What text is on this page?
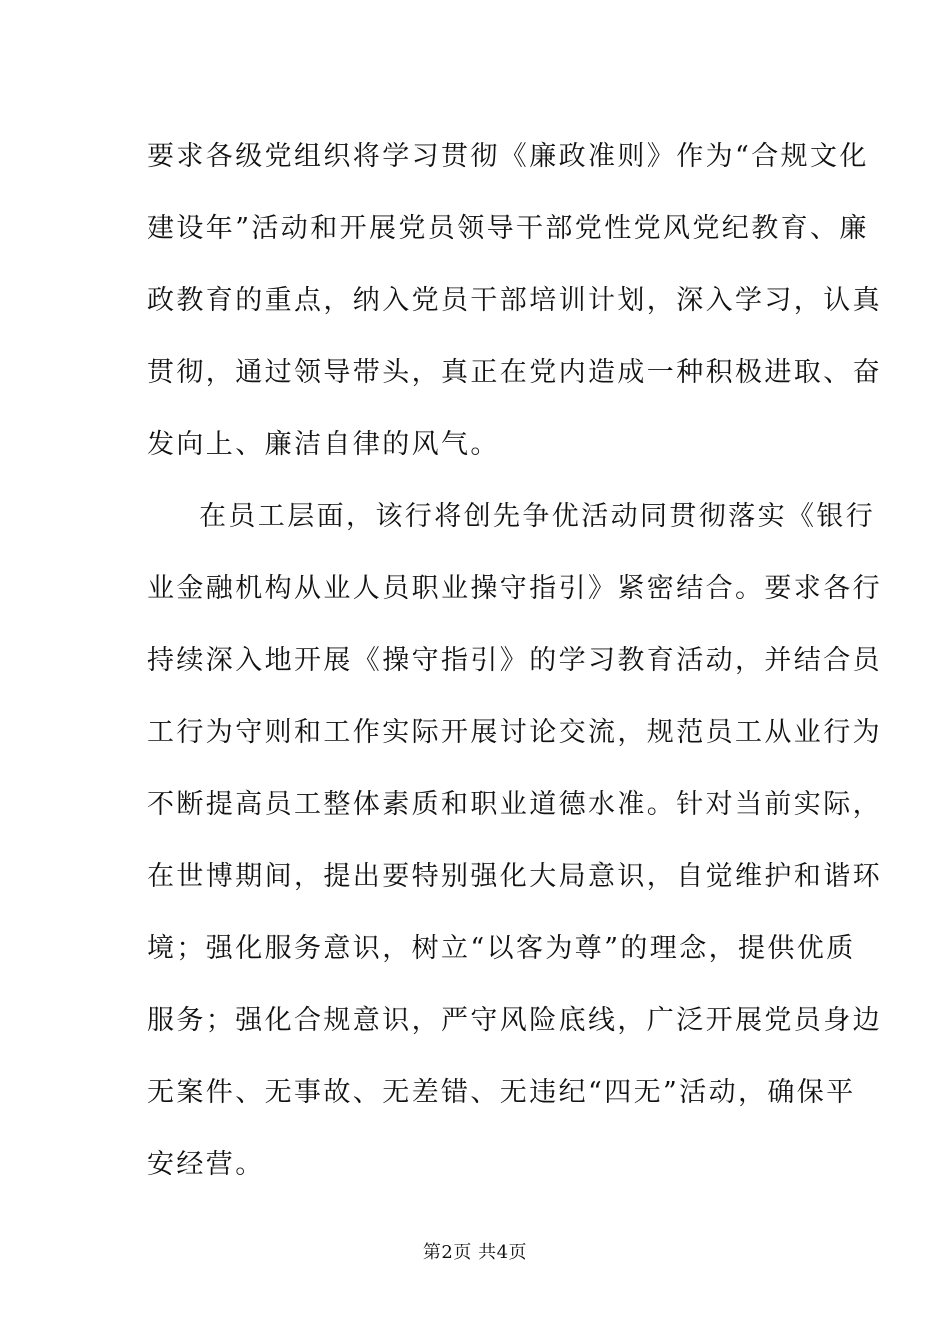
要求各级党组织将学习贯彻《廉政准则》作为“合规文化
建设年”活动和开展党员领导干部党性党风党纪教育、廉
政教育的重点，纳入党员干部培训计划，深入学习，认真
贯彻，通过领导带头，真正在党内造成一种积极进取、奋
发向上、廉洁自律的风气。
在员工层面，该行将创先争优活动同贯彻落实《银行
业金融机构从业人员职业操守指引》紧密结合。要求各行
持续深入地开展《操守指引》的学习教育活动，并结合员
工行为守则和工作实际开展讨论交流，规范员工从业行为
不断提高员工整体素质和职业道德水准。针对当前实际，
在世博期间，提出要特别强化大局意识，自觉维护和谐环
境；强化服务意识，树立“以客为尊”的理念，提供优质
服务；强化合规意识，严守风险底线，广泛开展党员身边
无案件、无事故、无差错、无违纪“四无”活动，确保平
安经营。
第2页 共4页
